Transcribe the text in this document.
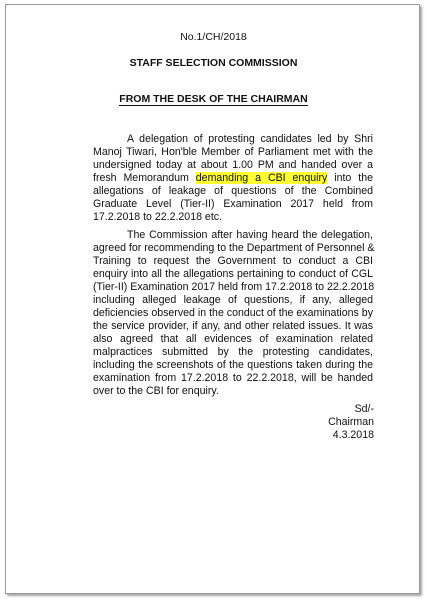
No.1/CH/2018
STAFF SELECTION COMMISSION
FROM THE DESK OF THE CHAIRMAN
A delegation of protesting candidates led by Shri
Manoj Tiwari, Hon'ble Member of Parliament met with the
undersigned today at about 1.00 PM and handed over a
fresh Memorandum demanding a CBI enquiry into the
allegations of leakage of questions of the Combined
Graduate Level (Tier-II) Examination 2017 held from
17.2.2018 to 22.2.2018 etc.
The Commission after having heard the delegation,
agreed for recommending to the Department of Personnel &
Training to request the Government to conduct a CBI
enquiry into all the allegations pertaining to conduct of CGL
(Tier-II) Examination 2017 held from 17.2.2018 to 22.2.2018
including alleged leakage of questions, if any, alleged
deficiencies observed in the conduct of the examinations by
the service provider, if any, and other related issues. It was
also agreed that all evidences of examination related
malpractices submitted by the protesting candidates,
including the screenshots of the questions taken during the
examination from 17.2.2018 to 22.2.2018, will be handed
over to the CBI for enquiry.
Sd/-
Chairman
4.3.2018
